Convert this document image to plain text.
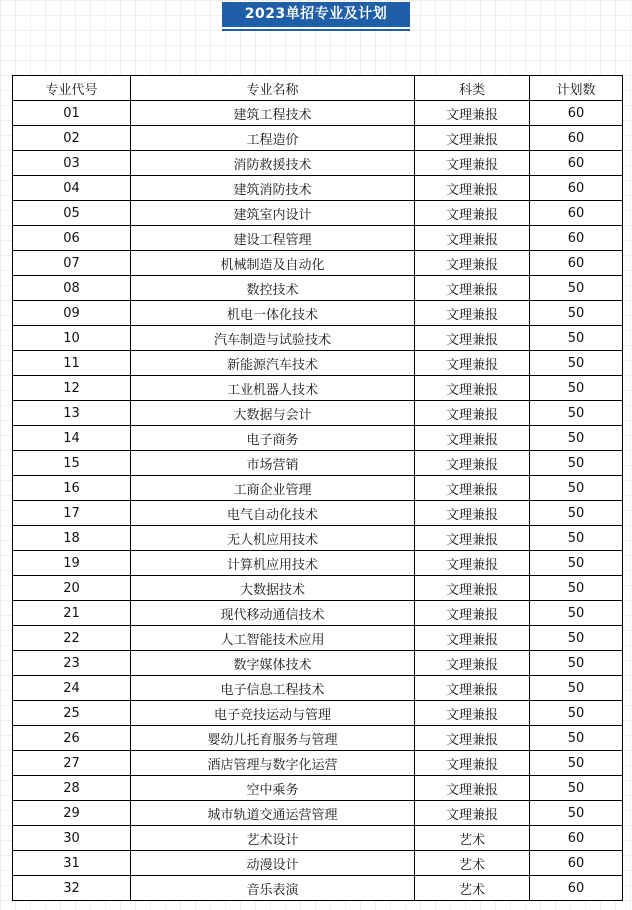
2023单招专业及计划
专业代号	专业名称	科类	计划数
01	建筑工程技术	文理兼报	60
02	工程造价	文理兼报	60
03	消防救援技术	文理兼报	60
04	建筑消防技术	文理兼报	60
05	建筑室内设计	文理兼报	60
06	建设工程管理	文理兼报	60
07	机械制造及自动化	文理兼报	60
08	数控技术	文理兼报	50
09	机电一体化技术	文理兼报	50
10	汽车制造与试验技术	文理兼报	50
11	新能源汽车技术	文理兼报	50
12	工业机器人技术	文理兼报	50
13	大数据与会计	文理兼报	50
14	电子商务	文理兼报	50
15	市场营销	文理兼报	50
16	工商企业管理	文理兼报	50
17	电气自动化技术	文理兼报	50
18	无人机应用技术	文理兼报	50
19	计算机应用技术	文理兼报	50
20	大数据技术	文理兼报	50
21	现代移动通信技术	文理兼报	50
22	人工智能技术应用	文理兼报	50
23	数字媒体技术	文理兼报	50
24	电子信息工程技术	文理兼报	50
25	电子竞技运动与管理	文理兼报	50
26	婴幼儿托育服务与管理	文理兼报	50
27	酒店管理与数字化运营	文理兼报	50
28	空中乘务	文理兼报	50
29	城市轨道交通运营管理	文理兼报	50
30	艺术设计	艺术	60
31	动漫设计	艺术	60
32	音乐表演	艺术	60
